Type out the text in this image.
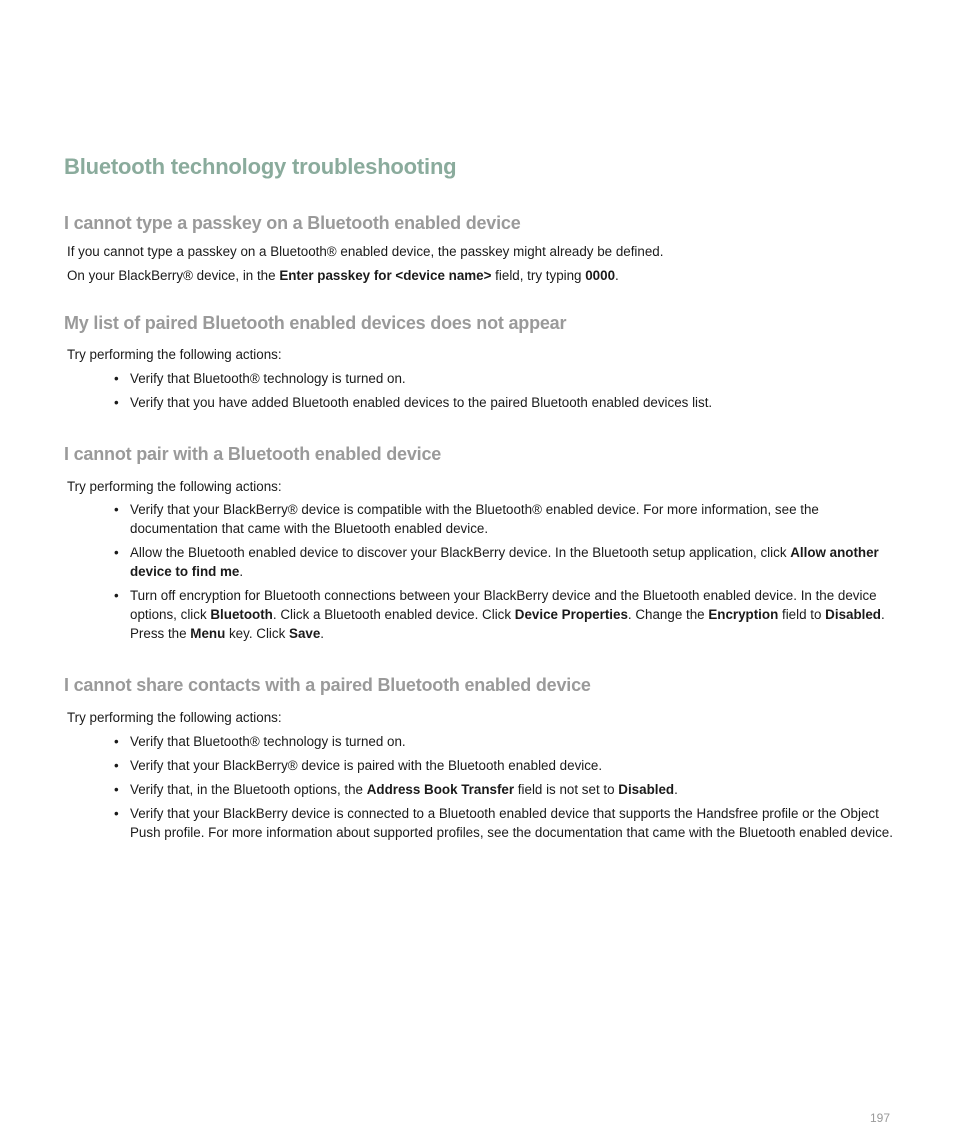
Bluetooth technology troubleshooting
I cannot type a passkey on a Bluetooth enabled device

If you cannot type a passkey on a Bluetooth® enabled device, the passkey might already be defined.

On your BlackBerry® device, in the Enter passkey for <device name> field, try typing 0000.

My list of paired Bluetooth enabled devices does not appear

Try performing the following actions:

• Verify that Bluetooth® technology is turned on.
• Verify that you have added Bluetooth enabled devices to the paired Bluetooth enabled devices list.
I cannot pair with a Bluetooth enabled device

Try performing the following actions:

• Verify that your BlackBerry® device is compatible with the Bluetooth® enabled device. For more information, see the documentation that came with the Bluetooth enabled device.
• Allow the Bluetooth enabled device to discover your BlackBerry device. In the Bluetooth setup application, click Allow another device to find me.
• Turn off encryption for Bluetooth connections between your BlackBerry device and the Bluetooth enabled device. In the device options, click Bluetooth. Click a Bluetooth enabled device. Click Device Properties. Change the Encryption field to Disabled. Press the Menu key. Click Save.
I cannot share contacts with a paired Bluetooth enabled device

Try performing the following actions:

• Verify that Bluetooth® technology is turned on.
• Verify that your BlackBerry® device is paired with the Bluetooth enabled device.
• Verify that, in the Bluetooth options, the Address Book Transfer field is not set to Disabled.
• Verify that your BlackBerry device is connected to a Bluetooth enabled device that supports the Handsfree profile or the Object Push profile. For more information about supported profiles, see the documentation that came with the Bluetooth enabled device.
197
